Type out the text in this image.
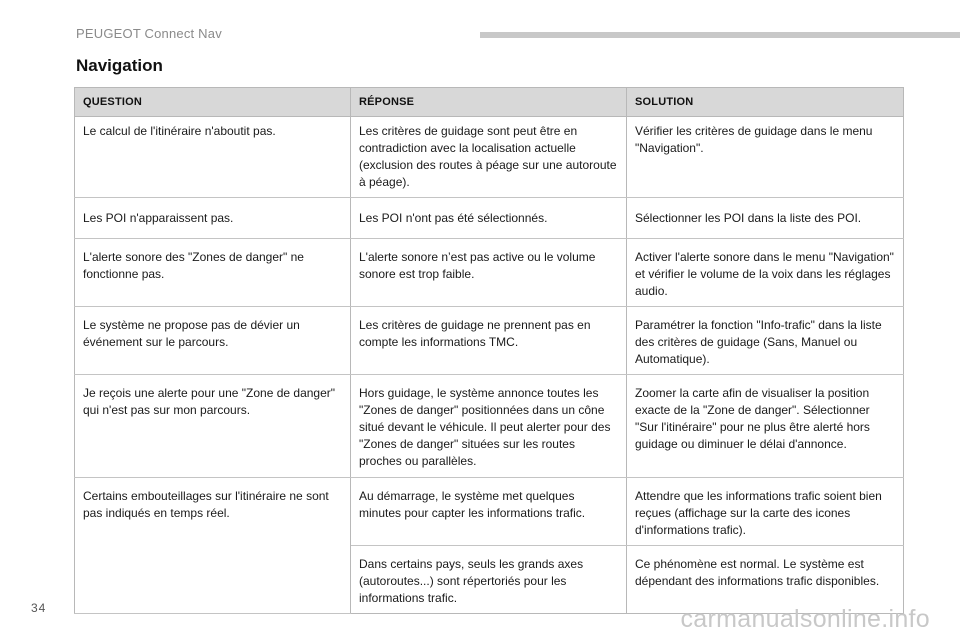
PEUGEOT Connect Nav
Navigation
QUESTION	RÉPONSE	SOLUTION
Le calcul de l'itinéraire n'aboutit pas.	Les critères de guidage sont peut être en contradiction avec la localisation actuelle (exclusion des routes à péage sur une autoroute à péage).	Vérifier les critères de guidage dans le menu "Navigation".
Les POI n'apparaissent pas.	Les POI n'ont pas été sélectionnés.	Sélectionner les POI dans la liste des POI.
L'alerte sonore des "Zones de danger" ne fonctionne pas.	L'alerte sonore n’est pas active ou le volume sonore est trop faible.	Activer l'alerte sonore dans le menu "Navigation" et vérifier le volume de la voix dans les réglages audio.
Le système ne propose pas de dévier un événement sur le parcours.	Les critères de guidage ne prennent pas en compte les informations TMC.	Paramétrer la fonction "Info-trafic" dans la liste des critères de guidage (Sans, Manuel ou Automatique).
Je reçois une alerte pour une "Zone de danger" qui n'est pas sur mon parcours.	Hors guidage, le système annonce toutes les "Zones de danger" positionnées dans un cône situé devant le véhicule. Il peut alerter pour des "Zones de danger" situées sur les routes proches ou parallèles.	Zoomer la carte afin de visualiser la position exacte de la "Zone de danger". Sélectionner "Sur l'itinéraire" pour ne plus être alerté hors guidage ou diminuer le délai d'annonce.
Certains embouteillages sur l'itinéraire ne sont pas indiqués en temps réel.	Au démarrage, le système met quelques minutes pour capter les informations trafic.	Attendre que les informations trafic soient bien reçues (affichage sur la carte des icones d'informations trafic).
	Dans certains pays, seuls les grands axes (autoroutes...) sont répertoriés pour les informations trafic.	Ce phénomène est normal. Le système est dépendant des informations trafic disponibles.
34	carmanualsonline.info
